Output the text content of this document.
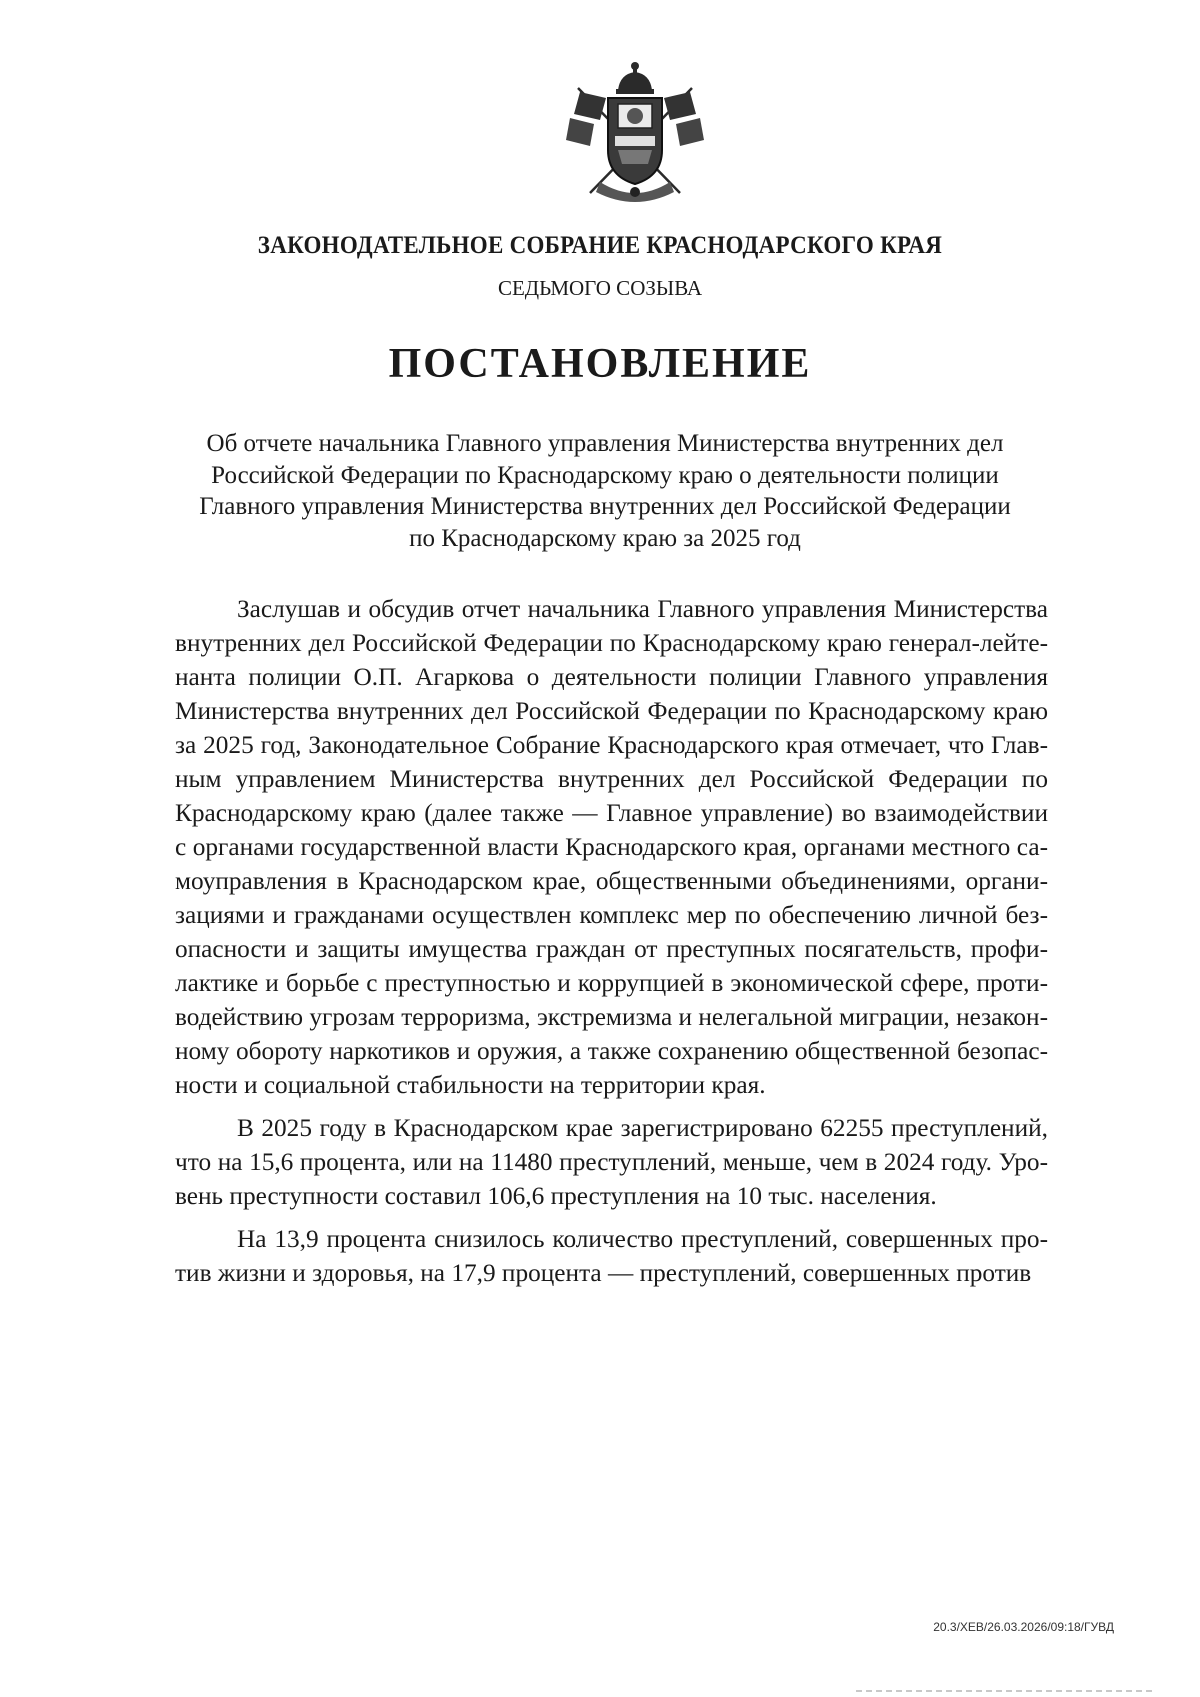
ЗАКОНОДАТЕЛЬНОЕ СОБРАНИЕ КРАСНОДАРСКОГО КРАЯ
СЕДЬМОГО СОЗЫВА
ПОСТАНОВЛЕНИЕ
Об отчете начальника Главного управления Министерства внутренних дел
Российской Федерации по Краснодарскому краю о деятельности полиции
Главного управления Министерства внутренних дел Российской Федерации
по Краснодарскому краю за 2025 год

Заслушав и обсудив отчет начальника Главного управления Министерства внутренних дел Российской Федерации по Краснодарскому краю генерал-лейтенанта полиции О.П. Агаркова о деятельности полиции Главного управления Министерства внутренних дел Российской Федерации по Краснодарскому краю за 2025 год, Законодательное Собрание Краснодарского края отмечает, что Главным управлением Министерства внутренних дел Российской Федерации по Краснодарскому краю (далее также — Главное управление) во взаимодействии с органами государственной власти Краснодарского края, органами местного самоуправления в Краснодарском крае, общественными объединениями, организациями и гражданами осуществлен комплекс мер по обеспечению личной безопасности и защиты имущества граждан от преступных посягательств, профилактике и борьбе с преступностью и коррупцией в экономической сфере, противодействию угрозам терроризма, экстремизма и нелегальной миграции, незаконному обороту наркотиков и оружия, а также сохранению общественной безопасности и социальной стабильности на территории края.

В 2025 году в Краснодарском крае зарегистрировано 62255 преступлений, что на 15,6 процента, или на 11480 преступлений, меньше, чем в 2024 году. Уровень преступности составил 106,6 преступления на 10 тыс. населения.

На 13,9 процента снизилось количество преступлений, совершенных против жизни и здоровья, на 17,9 процента — преступлений, совершенных против

20.3/ХЕВ/26.03.2026/09:18/ГУВД
